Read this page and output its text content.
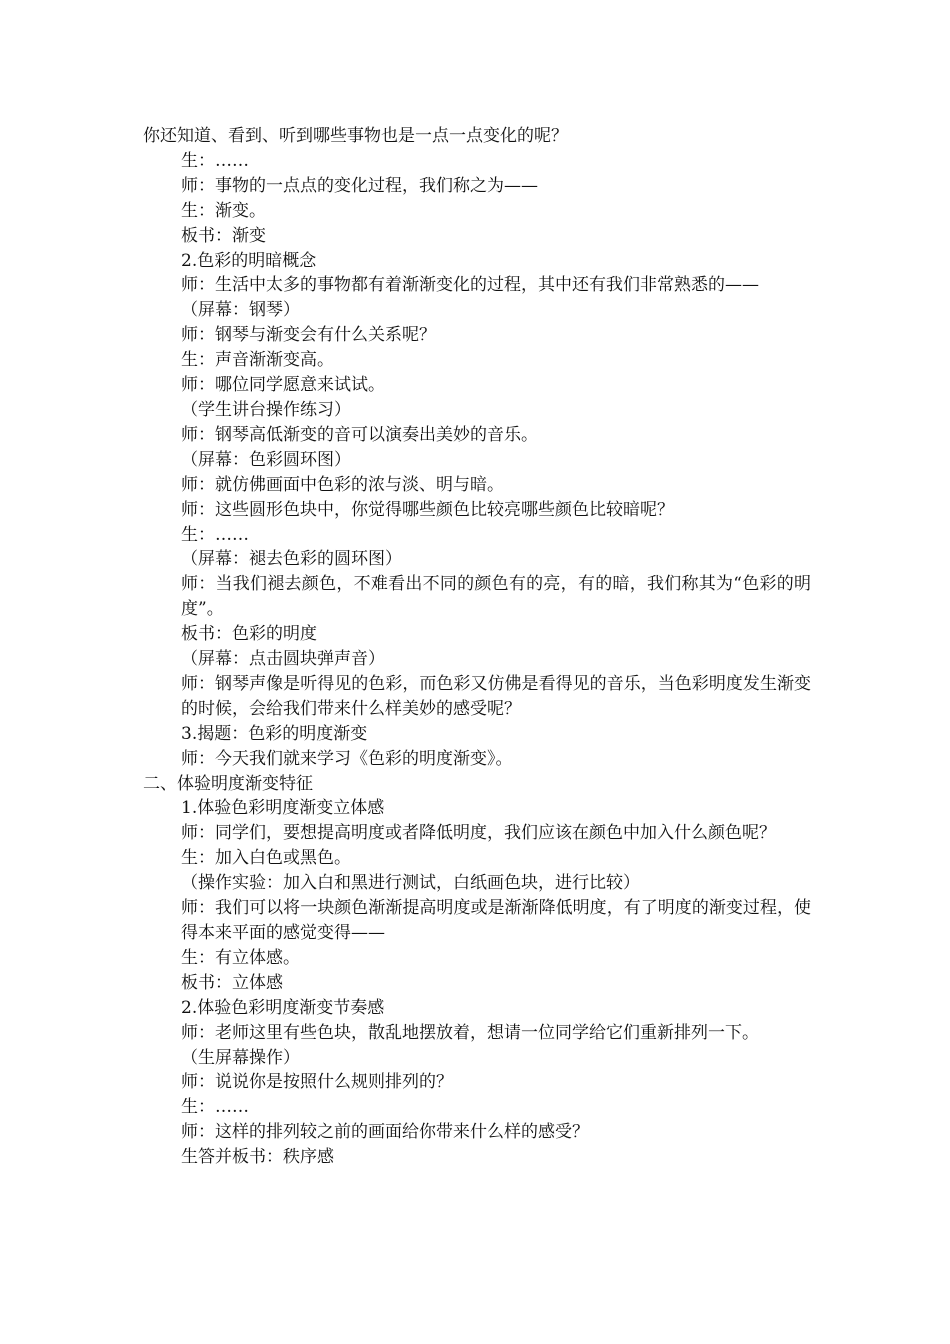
你还知道、看到、听到哪些事物也是一点一点变化的呢？
生：……
师：事物的一点点的变化过程，我们称之为——
生：渐变。
板书：渐变
2.色彩的明暗概念
师：生活中太多的事物都有着渐渐变化的过程，其中还有我们非常熟悉的——
（屏幕：钢琴）
师：钢琴与渐变会有什么关系呢？
生：声音渐渐变高。
师：哪位同学愿意来试试。
（学生讲台操作练习）
师：钢琴高低渐变的音可以演奏出美妙的音乐。
（屏幕：色彩圆环图）
师：就仿佛画面中色彩的浓与淡、明与暗。
师：这些圆形色块中，你觉得哪些颜色比较亮哪些颜色比较暗呢？
生：……
（屏幕：褪去色彩的圆环图）
师：当我们褪去颜色，不难看出不同的颜色有的亮，有的暗，我们称其为“色彩的明度”。
板书：色彩的明度
（屏幕：点击圆块弹声音）
师：钢琴声像是听得见的色彩，而色彩又仿佛是看得见的音乐，当色彩明度发生渐变的时候，会给我们带来什么样美妙的感受呢？
3.揭题：色彩的明度渐变
师：今天我们就来学习《色彩的明度渐变》。
二、体验明度渐变特征
1.体验色彩明度渐变立体感
师：同学们，要想提高明度或者降低明度，我们应该在颜色中加入什么颜色呢？
生：加入白色或黑色。
（操作实验：加入白和黑进行测试，白纸画色块，进行比较）
师：我们可以将一块颜色渐渐提高明度或是渐渐降低明度，有了明度的渐变过程，使得本来平面的感觉变得——
生：有立体感。
板书：立体感
2.体验色彩明度渐变节奏感
师：老师这里有些色块，散乱地摆放着，想请一位同学给它们重新排列一下。
（生屏幕操作）
师：说说你是按照什么规则排列的？
生：……
师：这样的排列较之前的画面给你带来什么样的感受？
生答并板书：秩序感
